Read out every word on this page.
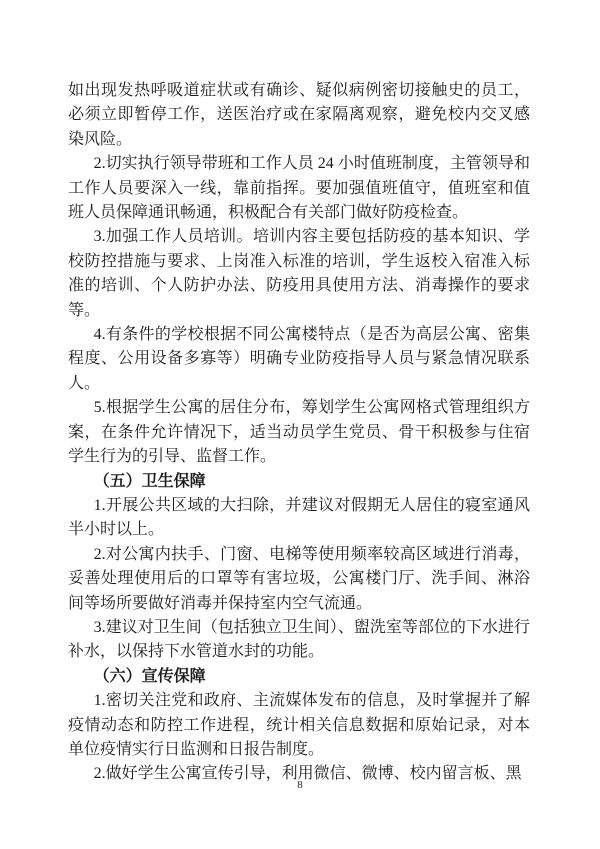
如出现发热呼吸道症状或有确诊、疑似病例密切接触史的员工，必须立即暂停工作，送医治疗或在家隔离观察，避免校内交叉感染风险。

2.切实执行领导带班和工作人员 24 小时值班制度，主管领导和工作人员要深入一线，靠前指挥。要加强值班值守，值班室和值班人员保障通讯畅通，积极配合有关部门做好防疫检查。

3.加强工作人员培训。培训内容主要包括防疫的基本知识、学校防控措施与要求、上岗准入标准的培训，学生返校入宿准入标准的培训、个人防护办法、防疫用具使用方法、消毒操作的要求等。

4.有条件的学校根据不同公寓楼特点（是否为高层公寓、密集程度、公用设备多寡等）明确专业防疫指导人员与紧急情况联系人。

5.根据学生公寓的居住分布，筹划学生公寓网格式管理组织方案，在条件允许情况下，适当动员学生党员、骨干积极参与住宿学生行为的引导、监督工作。

（五）卫生保障

1.开展公共区域的大扫除，并建议对假期无人居住的寝室通风半小时以上。

2.对公寓内扶手、门窗、电梯等使用频率较高区域进行消毒，妥善处理使用后的口罩等有害垃圾，公寓楼门厅、洗手间、淋浴间等场所要做好消毒并保持室内空气流通。

3.建议对卫生间（包括独立卫生间）、盥洗室等部位的下水进行补水，以保持下水管道水封的功能。

（六）宣传保障

1.密切关注党和政府、主流媒体发布的信息，及时掌握并了解疫情动态和防控工作进程，统计相关信息数据和原始记录，对本单位疫情实行日监测和日报告制度。

2.做好学生公寓宣传引导，利用微信、微博、校内留言板、黑

8
